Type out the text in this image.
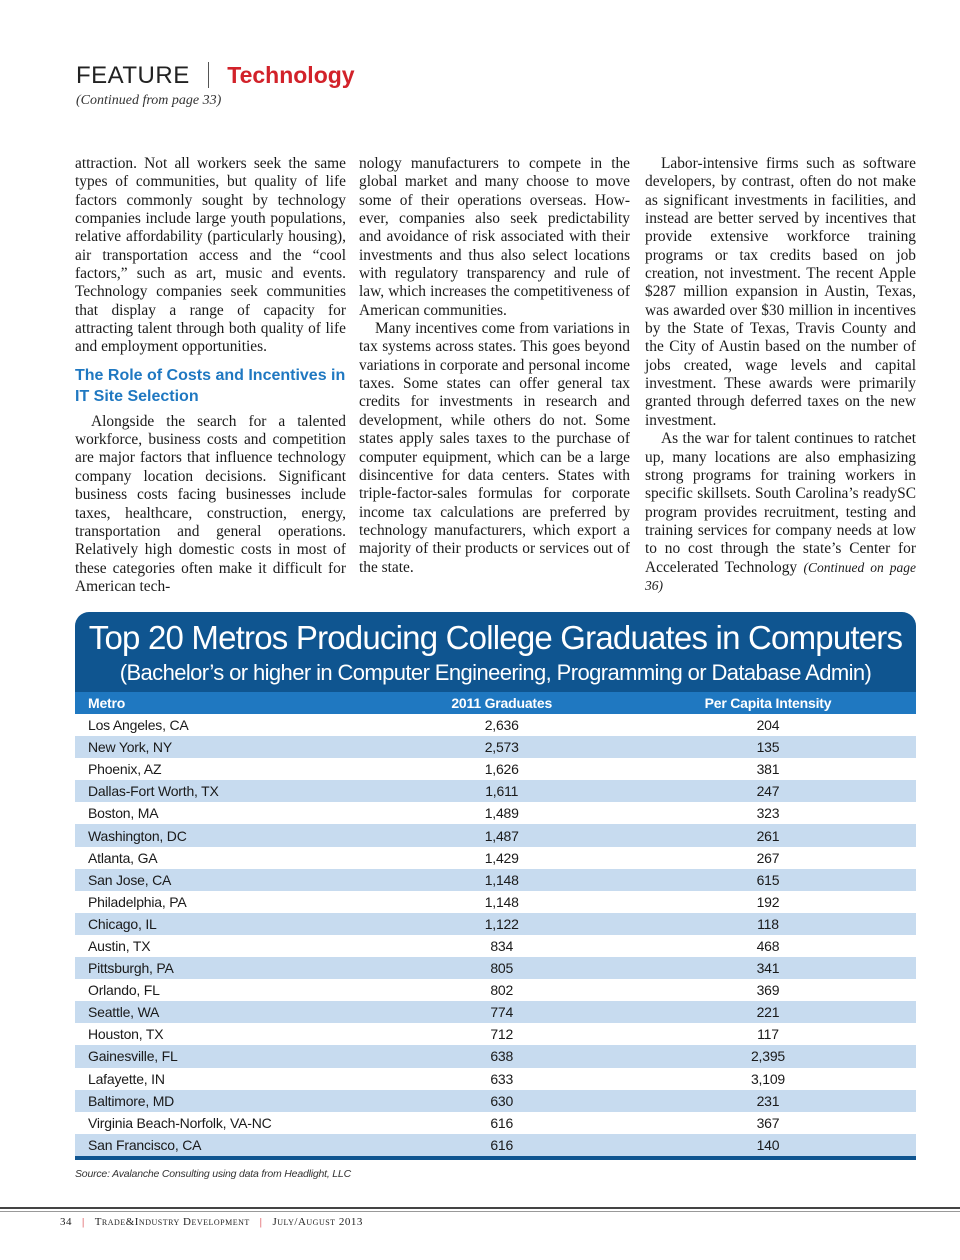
FEATURE Technology
(Continued from page 33)

attraction. Not all workers seek the same types of communities, but quality of life factors commonly sought by technology companies include large youth populations, relative affordability (particularly housing), air transportation access and the “cool factors,” such as art, music and events. Technology companies seek communities that display a range of capacity for attracting talent through both quality of life and employment opportunities.

The Role of Costs and Incentives in IT Site Selection

Alongside the search for a talented workforce, business costs and competition are major factors that influence technology company location decisions. Significant business costs facing businesses include taxes, healthcare, construction, energy, transportation and general operations. Relatively high domestic costs in most of these categories often make it difficult for American tech-

nology manufacturers to compete in the global market and many choose to move some of their operations overseas. However, companies also seek predictability and avoidance of risk associated with their investments and thus also select locations with regulatory transparency and rule of law, which increases the competitiveness of American communities.

Many incentives come from variations in tax systems across states. This goes beyond variations in corporate and personal income taxes. Some states can offer general tax credits for investments in research and development, while others do not. Some states apply sales taxes to the purchase of computer equipment, which can be a large disincentive for data centers. States with triple-factor-sales formulas for corporate income tax calculations are preferred by technology manufacturers, which export a majority of their products or services out of the state.

Labor-intensive firms such as software developers, by contrast, often do not make as significant investments in facilities, and instead are better served by incentives that provide extensive workforce training programs or tax credits based on job creation, not investment. The recent Apple $287 million expansion in Austin, Texas, was awarded over $30 million in incentives by the State of Texas, Travis County and the City of Austin based on the number of jobs created, wage levels and capital investment. These awards were primarily granted through deferred taxes on the new investment.

As the war for talent continues to ratchet up, many locations are also emphasizing strong programs for training workers in specific skillsets. South Carolina’s readySC program provides recruitment, testing and training services for company needs at low to no cost through the state’s Center for Accelerated Technology (Continued on page 36)

Top 20 Metros Producing College Graduates in Computers
(Bachelor’s or higher in Computer Engineering, Programming or Database Admin)
Metro	2011 Graduates	Per Capita Intensity
Los Angeles, CA	2,636	204
New York, NY	2,573	135
Phoenix, AZ	1,626	381
Dallas-Fort Worth, TX	1,611	247
Boston, MA	1,489	323
Washington, DC	1,487	261
Atlanta, GA	1,429	267
San Jose, CA	1,148	615
Philadelphia, PA	1,148	192
Chicago, IL	1,122	118
Austin, TX	834	468
Pittsburgh, PA	805	341
Orlando, FL	802	369
Seattle, WA	774	221
Houston, TX	712	117
Gainesville, FL	638	2,395
Lafayette, IN	633	3,109
Baltimore, MD	630	231
Virginia Beach-Norfolk, VA-NC	616	367
San Francisco, CA	616	140
Source: Avalanche Consulting using data from Headlight, LLC
34 | Trade&Industry Development | July/August 2013
